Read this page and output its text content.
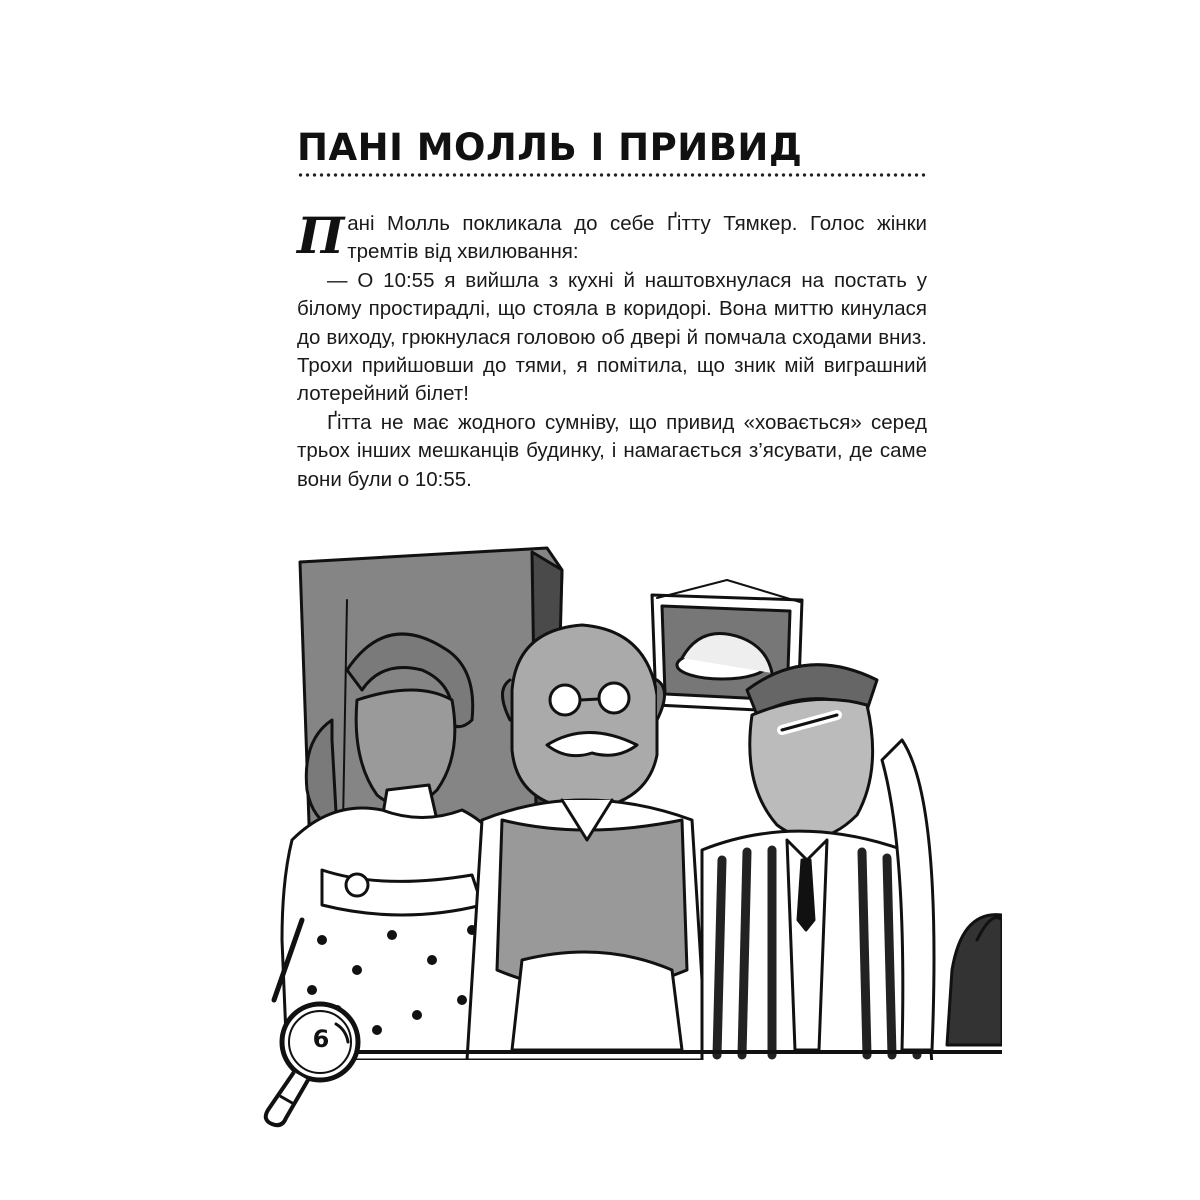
ПАНІ МОЛЛЬ І ПРИВИД

Пані Молль покликала до себе Ґітту Тямкер. Голос жінки тремтів від хвилювання:

— О 10:55 я вийшла з кухні й наштовхнулася на постать у білому простирадлі, що стояла в коридорі. Вона миттю кинулася до виходу, грюкнулася головою об двері й помчала сходами вниз. Трохи прийшовши до тями, я помітила, що зник мій виграшний лотерейний білет!

Ґітта не має жодного сумніву, що привид «ховається» серед трьох інших мешканців будинку, і намагається з’ясувати, де саме вони були о 10:55.

6
